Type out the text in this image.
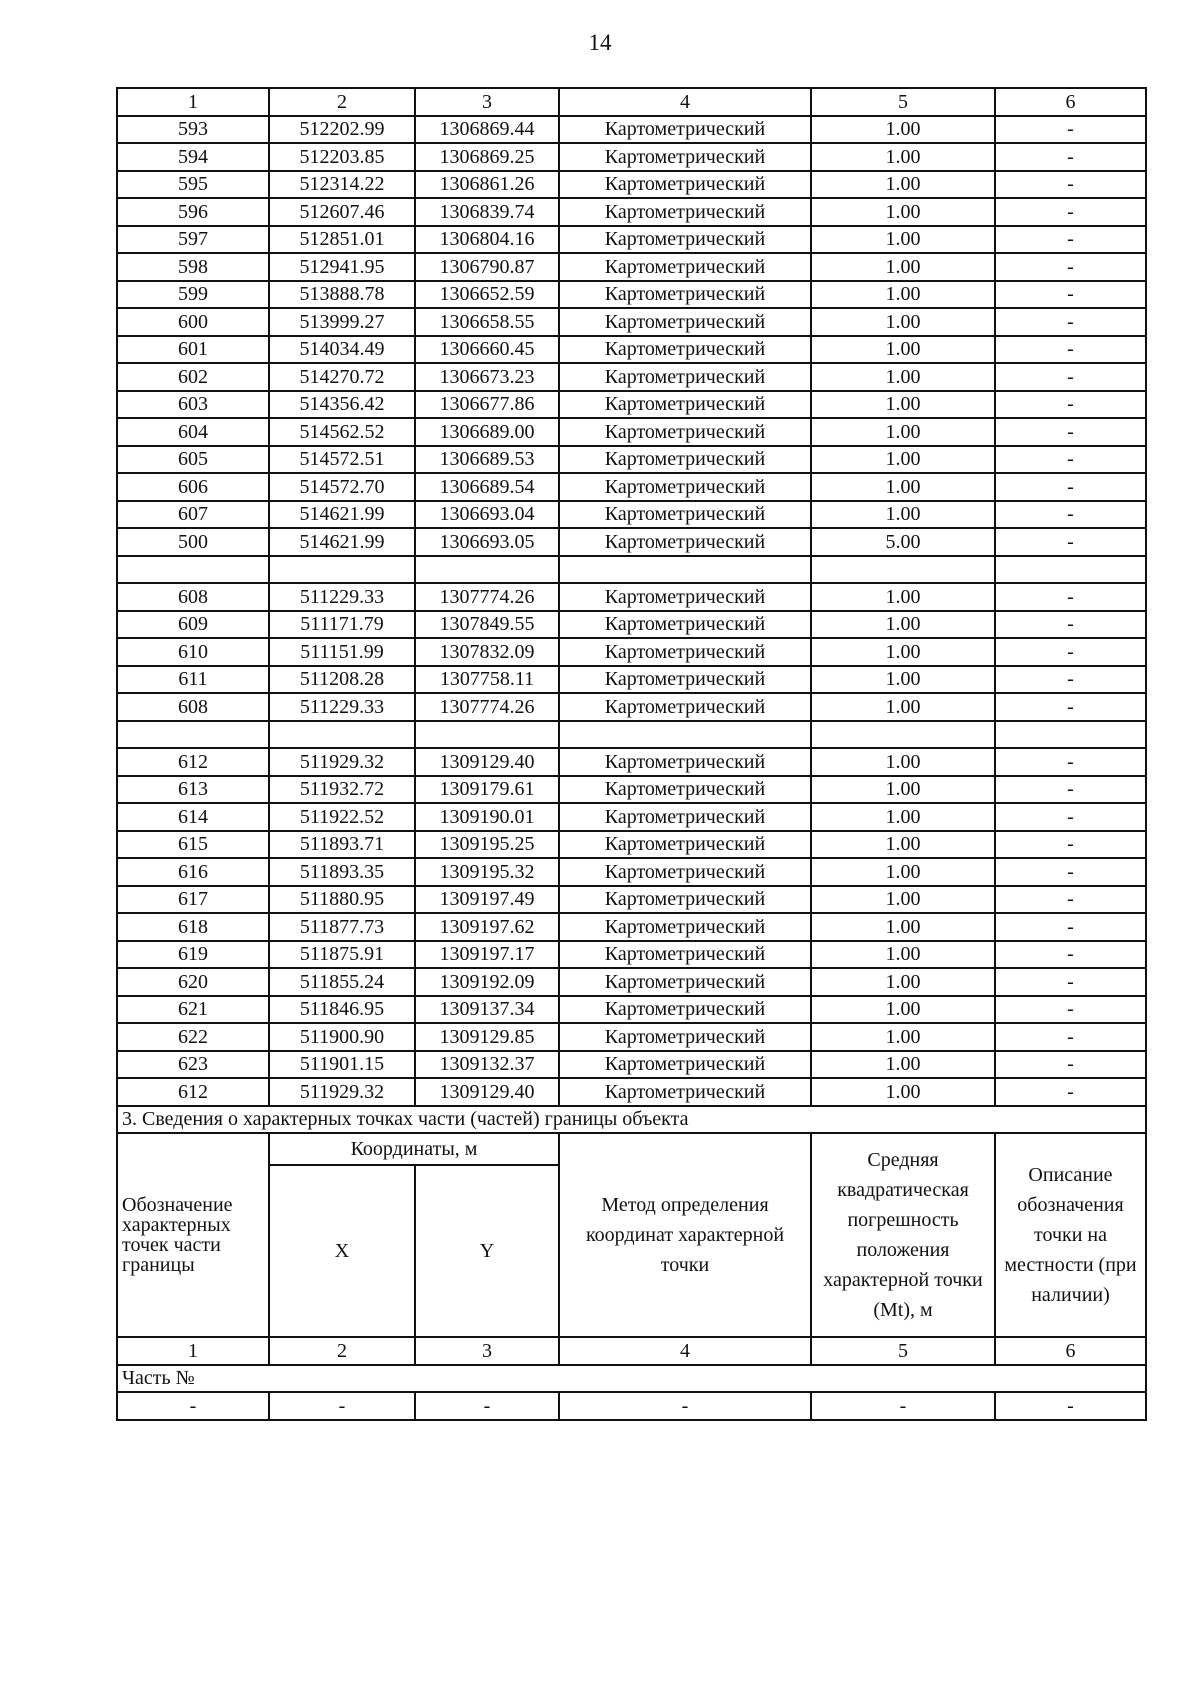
14
1	2	3	4	5	6
593	512202.99	1306869.44	Картометрический	1.00	-
594	512203.85	1306869.25	Картометрический	1.00	-
595	512314.22	1306861.26	Картометрический	1.00	-
596	512607.46	1306839.74	Картометрический	1.00	-
597	512851.01	1306804.16	Картометрический	1.00	-
598	512941.95	1306790.87	Картометрический	1.00	-
599	513888.78	1306652.59	Картометрический	1.00	-
600	513999.27	1306658.55	Картометрический	1.00	-
601	514034.49	1306660.45	Картометрический	1.00	-
602	514270.72	1306673.23	Картометрический	1.00	-
603	514356.42	1306677.86	Картометрический	1.00	-
604	514562.52	1306689.00	Картометрический	1.00	-
605	514572.51	1306689.53	Картометрический	1.00	-
606	514572.70	1306689.54	Картометрический	1.00	-
607	514621.99	1306693.04	Картометрический	1.00	-
500	514621.99	1306693.05	Картометрический	5.00	-

608	511229.33	1307774.26	Картометрический	1.00	-
609	511171.79	1307849.55	Картометрический	1.00	-
610	511151.99	1307832.09	Картометрический	1.00	-
611	511208.28	1307758.11	Картометрический	1.00	-
608	511229.33	1307774.26	Картометрический	1.00	-

612	511929.32	1309129.40	Картометрический	1.00	-
613	511932.72	1309179.61	Картометрический	1.00	-
614	511922.52	1309190.01	Картометрический	1.00	-
615	511893.71	1309195.25	Картометрический	1.00	-
616	511893.35	1309195.32	Картометрический	1.00	-
617	511880.95	1309197.49	Картометрический	1.00	-
618	511877.73	1309197.62	Картометрический	1.00	-
619	511875.91	1309197.17	Картометрический	1.00	-
620	511855.24	1309192.09	Картометрический	1.00	-
621	511846.95	1309137.34	Картометрический	1.00	-
622	511900.90	1309129.85	Картометрический	1.00	-
623	511901.15	1309132.37	Картометрический	1.00	-
612	511929.32	1309129.40	Картометрический	1.00	-
3. Сведения о характерных точках части (частей) границы объекта					
Обозначение характерных точек части границы	Координаты, м		Метод определения координат характерной точки	Средняя квадратическая погрешность положения характерной точки (Mt), м	Описание обозначения точки на местности (при наличии)
	X	Y			
1	2	3	4	5	6
Часть №					
-	-	-	-	-	-
